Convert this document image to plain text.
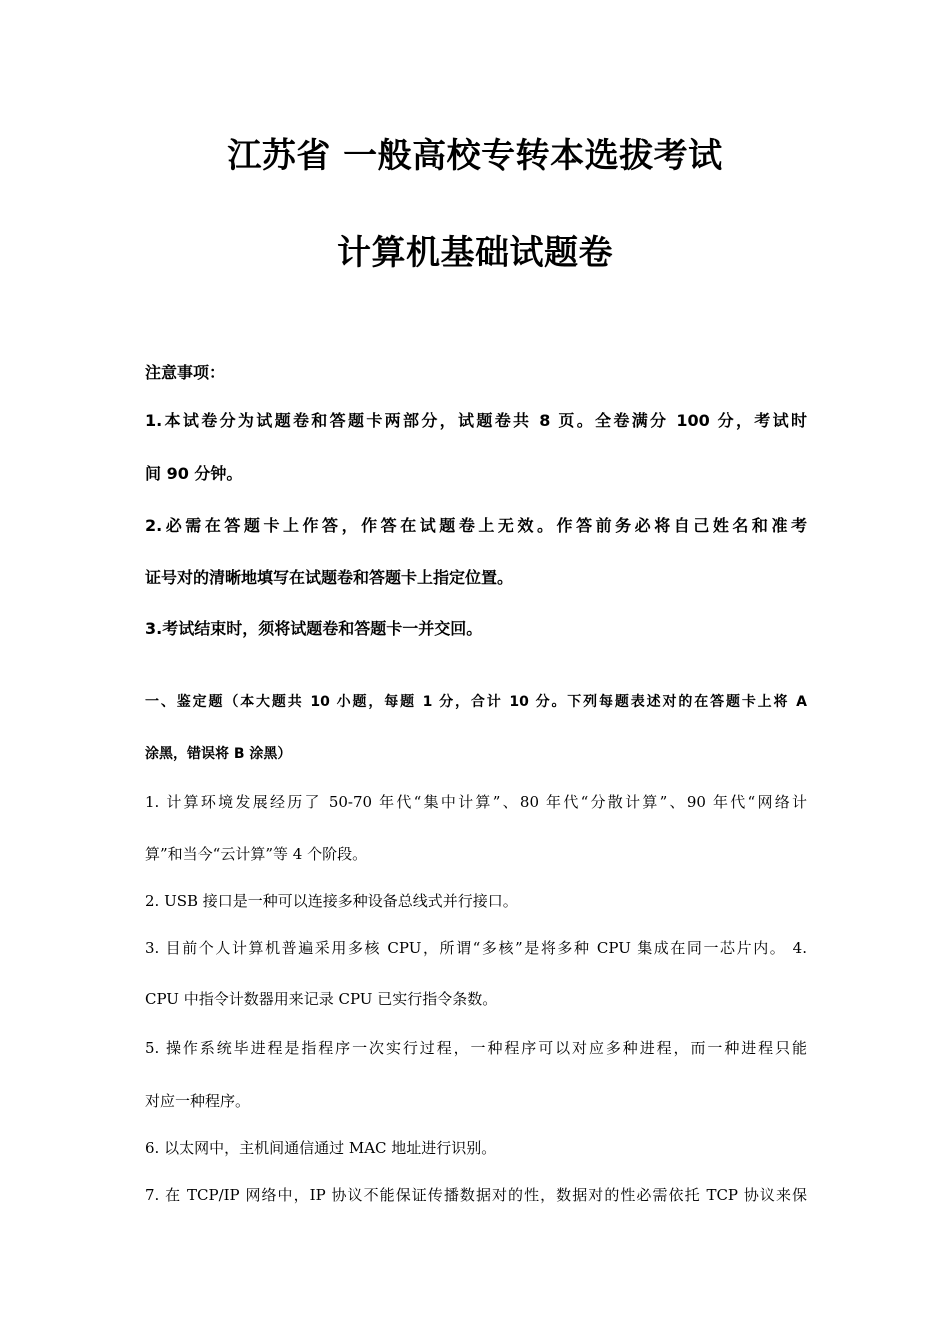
江苏省 一般高校专转本选拔考试
计算机基础试题卷
注意事项：
1.本试卷分为试题卷和答题卡两部分，试题卷共 8 页。全卷满分 100 分，考试时
间 90 分钟。
2.必需在答题卡上作答，作答在试题卷上无效。作答前务必将自己姓名和准考
证号对的清晰地填写在试题卷和答题卡上指定位置。
3.考试结束时，须将试题卷和答题卡一并交回。
一、鉴定题（本大题共 10 小题，每题 1 分，合计 10 分。下列每题表述对的在答题卡上将 A
涂黑，错误将 B 涂黑）
1. 计算环境发展经历了 50-70 年代“集中计算”、80 年代“分散计算”、90 年代“网络计
算”和当今“云计算”等 4 个阶段。
2. USB 接口是一种可以连接多种设备总线式并行接口。
3. 目前个人计算机普遍采用多核 CPU，所谓“多核”是将多种 CPU 集成在同一芯片内。 4.
CPU 中指令计数器用来记录 CPU 已实行指令条数。
5. 操作系统毕进程是指程序一次实行过程，一种程序可以对应多种进程，而一种进程只能
对应一种程序。
6. 以太网中，主机间通信通过 MAC 地址进行识别。
7. 在 TCP/IP 网络中，IP 协议不能保证传播数据对的性，数据对的性必需依托 TCP 协议来保
